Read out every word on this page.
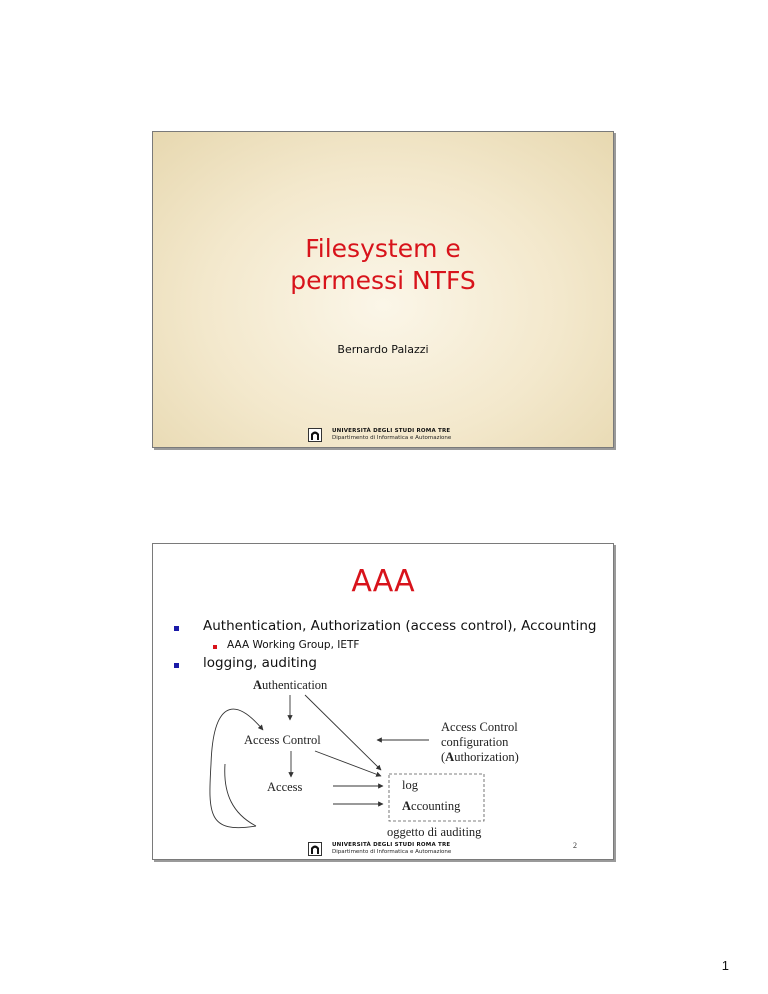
Filesystem e
permessi NTFS
Bernardo Palazzi
UNIVERSITÀ DEGLI STUDI ROMA TRE
Dipartimento di Informatica e Automazione
AAA
Authentication, Authorization (access control), Accounting
AAA Working Group, IETF
logging, auditing
Authentication
Access Control
Access
Access Control
configuration
(Authorization)
log
Accounting
oggetto di auditing
UNIVERSITÀ DEGLI STUDI ROMA TRE
Dipartimento di Informatica e Automazione
2
1
